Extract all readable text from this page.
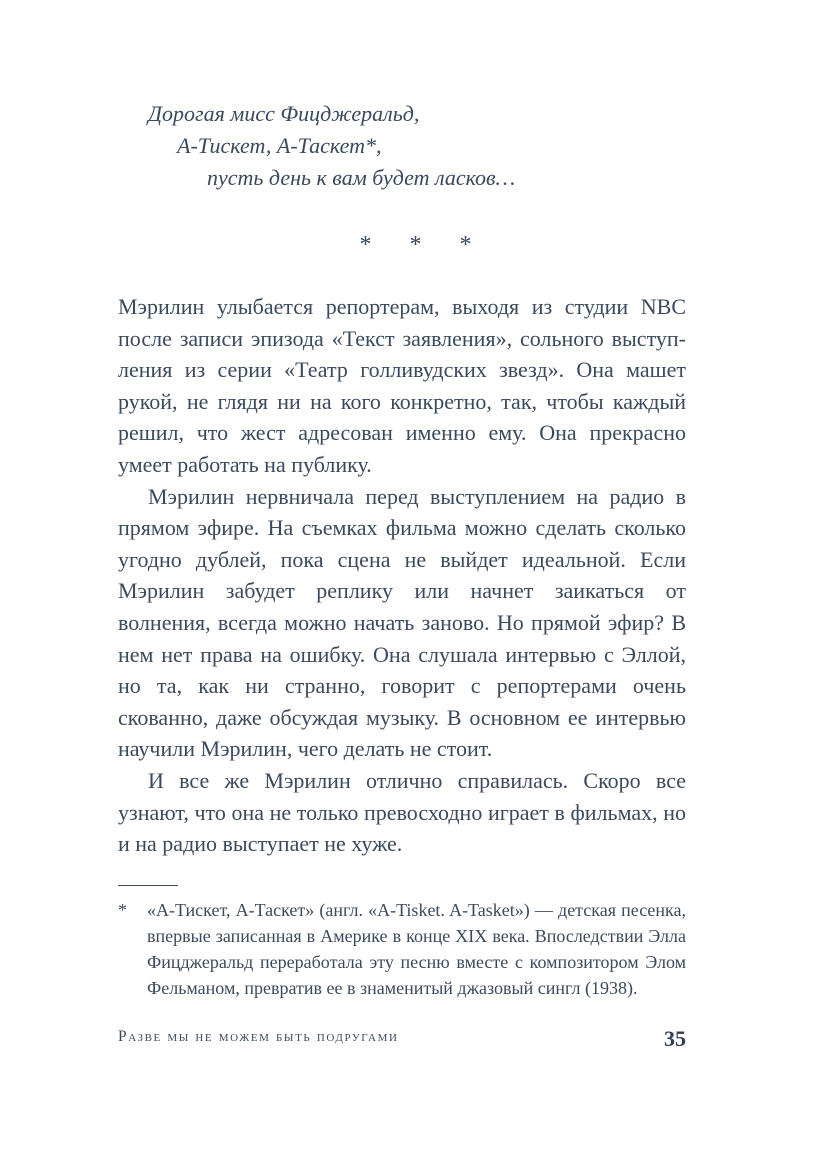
Дорогая мисс Фицджеральд,
А-Тискет, А-Таскет*,
пусть день к вам будет ласков…
* * *

Мэрилин улыбается репортерам, выходя из студии NBC после записи эпизода «Текст заявления», сольного выступления из серии «Театр голливудских звезд». Она машет рукой, не глядя ни на кого конкретно, так, чтобы каждый решил, что жест адресован именно ему. Она прекрасно умеет работать на публику.

Мэрилин нервничала перед выступлением на радио в прямом эфире. На съемках фильма можно сделать сколько угодно дублей, пока сцена не выйдет идеальной. Если Мэрилин забудет реплику или начнет заикаться от волнения, всегда можно начать заново. Но прямой эфир? В нем нет права на ошибку. Она слушала интервью с Эллой, но та, как ни странно, говорит с репортерами очень скованно, даже обсуждая музыку. В основном ее интервью научили Мэрилин, чего делать не стоит.

И все же Мэрилин отлично справилась. Скоро все узнают, что она не только превосходно играет в фильмах, но и на радио выступает не хуже.

* «А-Тискет, А-Таскет» (англ. «A-Tisket. A-Tasket») — детская песенка, впервые записанная в Америке в конце XIX века. Впоследствии Элла Фицджеральд переработала эту песню вместе с композитором Элом Фельманом, превратив ее в знаменитый джазовый сингл (1938).
Разве мы не можем быть подругами	35
